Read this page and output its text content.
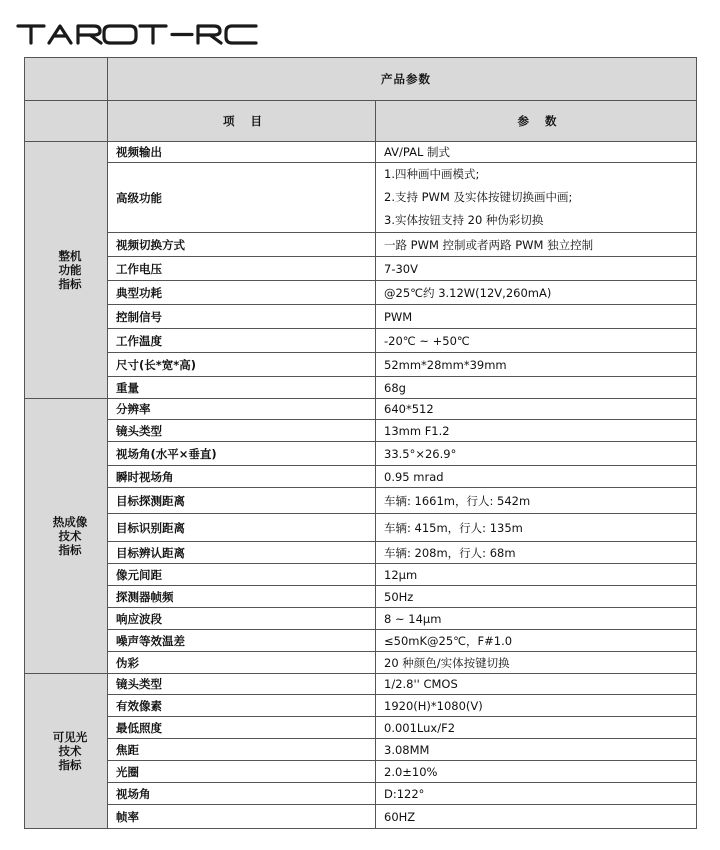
	产品参数	
	项 目	参 数

整机
功能
指标	视频输出	AV/PAL 制式
	高级功能	1.四种画中画模式;
2.支持 PWM 及实体按键切换画中画;
3.实体按钮支持 20 种伪彩切换

	视频切换方式	一路 PWM 控制或者两路 PWM 独立控制
	工作电压	7-30V
	典型功耗	@25℃约 3.12W(12V,260mA)
	控制信号	PWM
	工作温度	-20℃ ~ +50℃
	尺寸(长*宽*高)	52mm*28mm*39mm
	重量	68g

热成像
技术
指标	分辨率	640*512
	镜头类型	13mm F1.2
	视场角(水平×垂直)	33.5°×26.9°
	瞬时视场角	0.95 mrad
	目标探测距离	车辆: 1661m，行人: 542m
	目标识别距离	车辆: 415m，行人: 135m
	目标辨认距离	车辆: 208m，行人: 68m
	像元间距	12μm
	探测器帧频	50Hz
	响应波段	8 ~ 14μm
	噪声等效温差	≤50mK@25℃，F#1.0
	伪彩	20 种颜色/实体按键切换

可见光
技术
指标	镜头类型	1/2.8'' CMOS
	有效像素	1920(H)*1080(V)
	最低照度	0.001Lux/F2
	焦距	3.08MM
	光圈	2.0±10%
	视场角	D:122°
	帧率	60HZ
